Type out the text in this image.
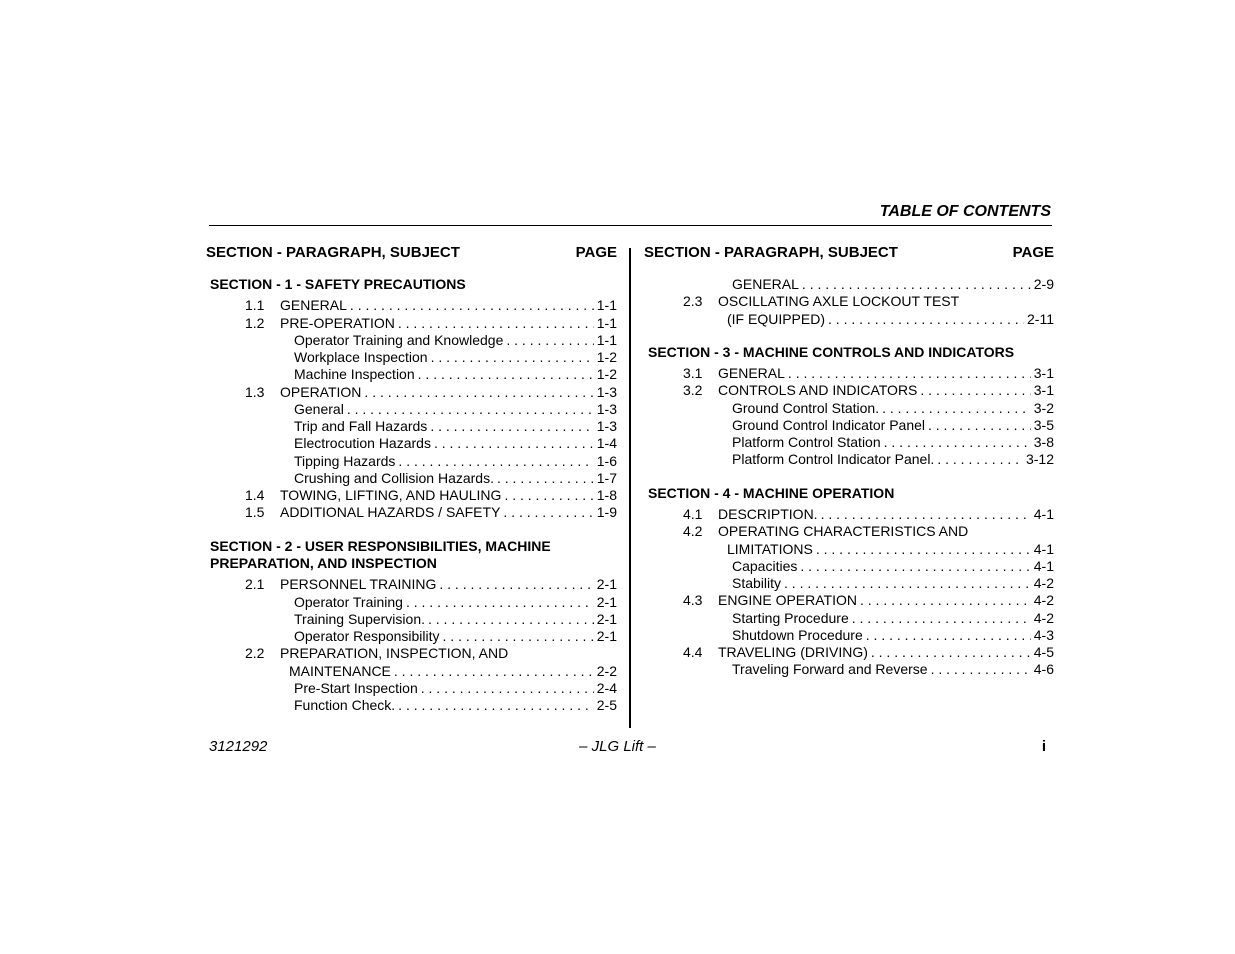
TABLE OF CONTENTS
SECTION - PARAGRAPH, SUBJECT	PAGE
SECTION - 1 - SAFETY PRECAUTIONS
1.1 GENERAL . . .	1-1
1.2 PRE-OPERATION . . .	1-1
Operator Training and Knowledge . . .	1-1
Workplace Inspection . . .	1-2
Machine Inspection . . .	1-2
1.3 OPERATION . . .	1-3
General . . .	1-3
Trip and Fall Hazards . . .	1-3
Electrocution Hazards . . .	1-4
Tipping Hazards . . .	1-6
Crushing and Collision Hazards. . . .	1-7
1.4 TOWING, LIFTING, AND HAULING . . .	1-8
1.5 ADDITIONAL HAZARDS / SAFETY . . .	1-9
SECTION - 2 - USER RESPONSIBILITIES, MACHINE
PREPARATION, AND INSPECTION
2.1 PERSONNEL TRAINING . . .	2-1
Operator Training . . .	2-1
Training Supervision. . . .	2-1
Operator Responsibility . . .	2-1
2.2 PREPARATION, INSPECTION, AND
MAINTENANCE . . .	2-2
Pre-Start Inspection . . .	2-4
Function Check. . . .	2-5
SECTION - PARAGRAPH, SUBJECT	PAGE
GENERAL . . .	2-9
2.3 OSCILLATING AXLE LOCKOUT TEST
(IF EQUIPPED) . . .	2-11
SECTION - 3 - MACHINE CONTROLS AND INDICATORS
3.1 GENERAL . . .	3-1
3.2 CONTROLS AND INDICATORS . . .	3-1
Ground Control Station. . . .	3-2
Ground Control Indicator Panel . . .	3-5
Platform Control Station . . .	3-8
Platform Control Indicator Panel. . . .	3-12
SECTION - 4 - MACHINE OPERATION
4.1 DESCRIPTION. . . .	4-1
4.2 OPERATING CHARACTERISTICS AND
LIMITATIONS . . .	4-1
Capacities . . .	4-1
Stability . . .	4-2
4.3 ENGINE OPERATION . . .	4-2
Starting Procedure . . .	4-2
Shutdown Procedure . . .	4-3
4.4 TRAVELING (DRIVING) . . .	4-5
Traveling Forward and Reverse . . .	4-6
3121292	– JLG Lift –	i
